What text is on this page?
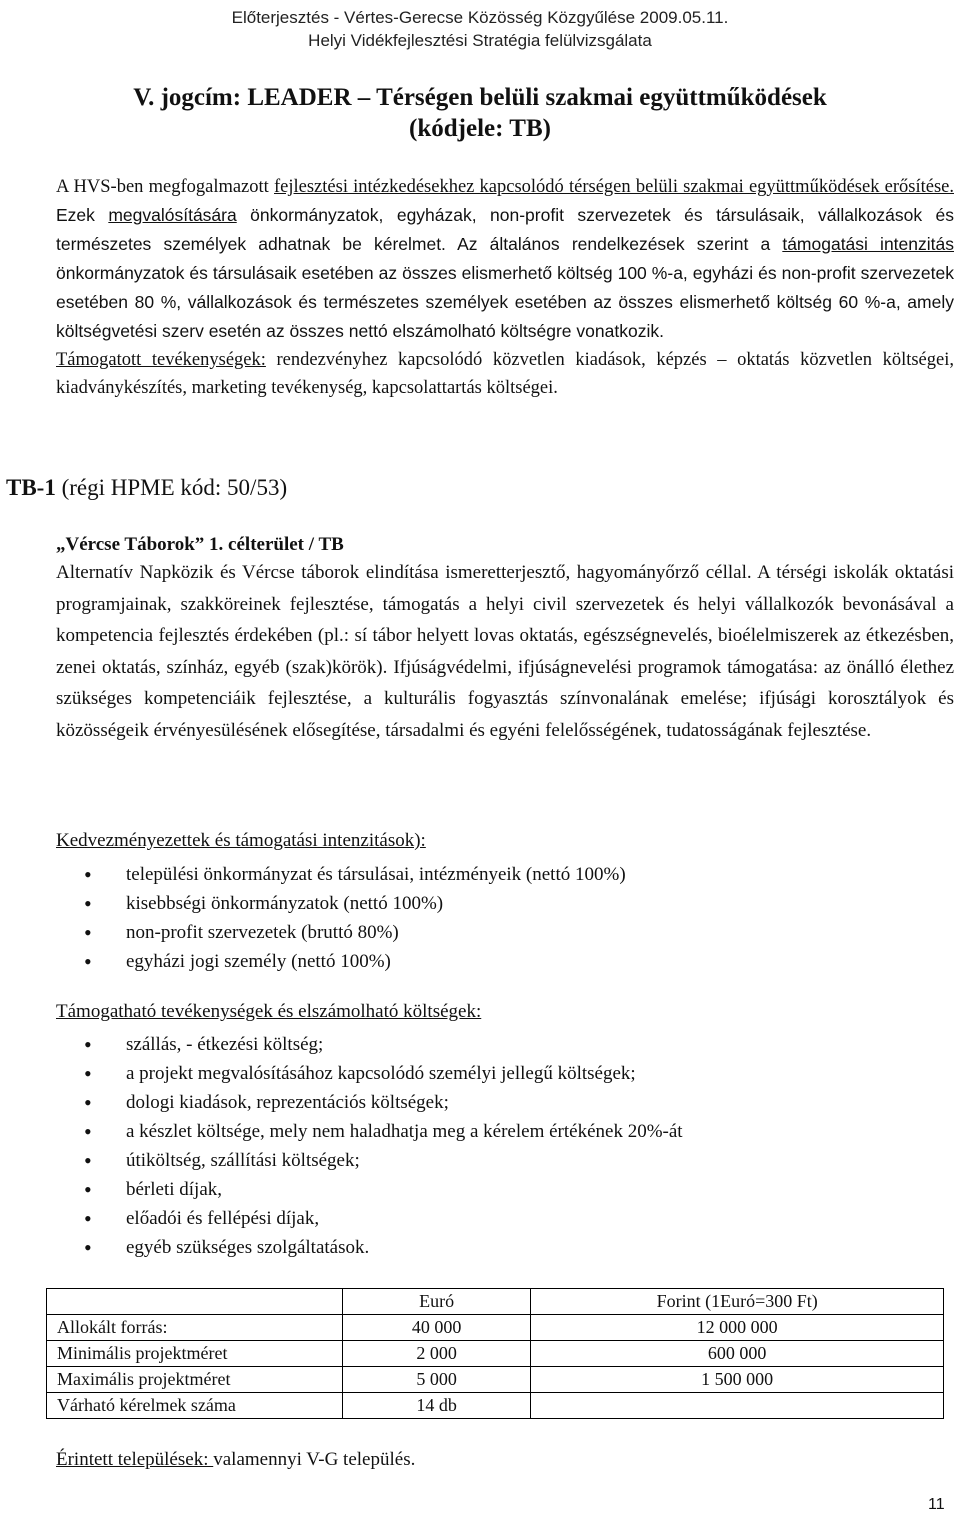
Előterjesztés - Vértes-Gerecse Közösség Közgyűlése 2009.05.11.
Helyi Vidékfejlesztési Stratégia felülvizsgálata
V. jogcím: LEADER – Térségen belüli szakmai együttműködések
(kódjele: TB)
A HVS-ben megfogalmazott fejlesztési intézkedésekhez kapcsolódó térségen belüli szakmai együttműködések erősítése. Ezek megvalósítására önkormányzatok, egyházak, non-profit szervezetek és társulásaik, vállalkozások és természetes személyek adhatnak be kérelmet. Az általános rendelkezések szerint a támogatási intenzitás önkormányzatok és társulásaik esetében az összes elismerhető költség 100 %-a, egyházi és non-profit szervezetek esetében 80 %, vállalkozások és természetes személyek esetében az összes elismerhető költség 60 %-a, amely költségvetési szerv esetén az összes nettó elszámolható költségre vonatkozik.
Támogatott tevékenységek: rendezvényhez kapcsolódó közvetlen kiadások, képzés – oktatás közvetlen költségei, kiadványkészítés, marketing tevékenység, kapcsolattartás költségei.
TB-1 (régi HPME kód: 50/53)
„Vércse Táborok” 1. célterület / TB
Alternatív Napközik és Vércse táborok elindítása ismeretterjesztő, hagyományőrző céllal. A térségi iskolák oktatási programjainak, szakköreinek fejlesztése, támogatás a helyi civil szervezetek és helyi vállalkozók bevonásával a kompetencia fejlesztés érdekében (pl.: sí tábor helyett lovas oktatás, egészségnevelés, bioélelmiszerek az étkezésben, zenei oktatás, színház, egyéb (szak)körök). Ifjúságvédelmi, ifjúságnevelési programok támogatása: az önálló élethez szükséges kompetenciáik fejlesztése, a kulturális fogyasztás színvonalának emelése; ifjúsági korosztályok és közösségeik érvényesülésének elősegítése, társadalmi és egyéni felelősségének, tudatosságának fejlesztése.
• települési önkormányzat és társulásai, intézményeik (nettó 100%)
• kisebbségi önkormányzatok (nettó 100%)
• non-profit szervezetek (bruttó 80%)
• egyházi jogi személy (nettó 100%)
Kedvezményezettek és támogatási intenzitások):
• szállás, - étkezési költség;
• a projekt megvalósításához kapcsolódó személyi jellegű költségek;
• dologi kiadások, reprezentációs költségek;
• a készlet költsége, mely nem haladhatja meg a kérelem értékének 20%-át
• útiköltség, szállítási költségek;
• bérleti díjak,
• előadói és fellépési díjak,
• egyéb szükséges szolgáltatások.
	Euró	Forint (1Euró=300 Ft)
Allokált forrás:	40 000	12 000 000
Minimális projektméret	2 000	600 000
Maximális projektméret	5 000	1 500 000
Várható kérelmek száma	14 db	
Érintett települések: valamennyi V-G település.
11
Támogatható tevékenységek és elszámolható költségek:
